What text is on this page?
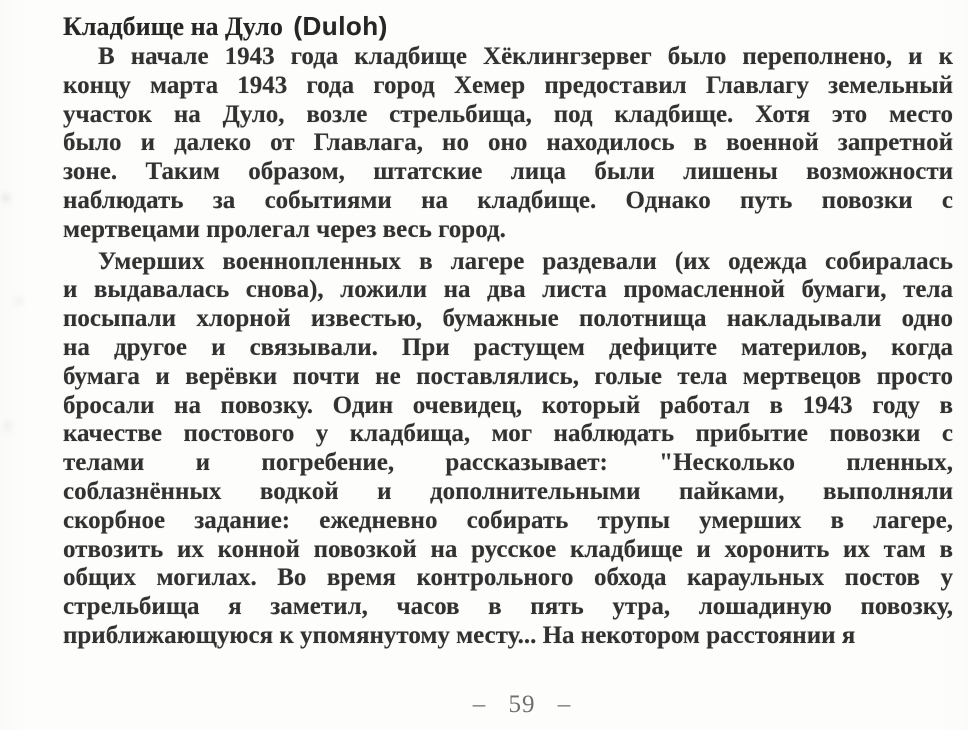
Кладбище на Дуло (Duloh)

В начале 1943 года кладбище Хёклингзервег было переполнено, и к
концу марта 1943 года город Хемер предоставил Главлагу земельный
участок на Дуло, возле стрельбища, под кладбище. Хотя это место
было и далеко от Главлага, но оно находилось в военной запретной
зоне. Таким образом, штатские лица были лишены возможности
наблюдать за событиями на кладбище. Однако путь повозки с
мертвецами пролегал через весь город.

Умерших военнопленных в лагере раздевали (их одежда собиралась
и выдавалась снова), ложили на два листа промасленной бумаги, тела
посыпали хлорной известью, бумажные полотнища накладывали одно
на другое и связывали. При растущем дефиците материлов, когда
бумага и верёвки почти не поставлялись, голые тела мертвецов просто
бросали на повозку. Один очевидец, который работал в 1943 году в
качестве постового у кладбища, мог наблюдать прибытие повозки с
телами и погребение, рассказывает: "Несколько пленных,
соблазнённых водкой и дополнительными пайками, выполняли
скорбное задание: ежедневно собирать трупы умерших в лагере,
отвозить их конной повозкой на русское кладбище и хоронить их там в
общих могилах. Во время контрольного обхода караульных постов у
стрельбища я заметил, часов в пять утра, лошадиную повозку,
приближающуюся к упомянутому месту... На некотором расстоянии я

– 59 –
